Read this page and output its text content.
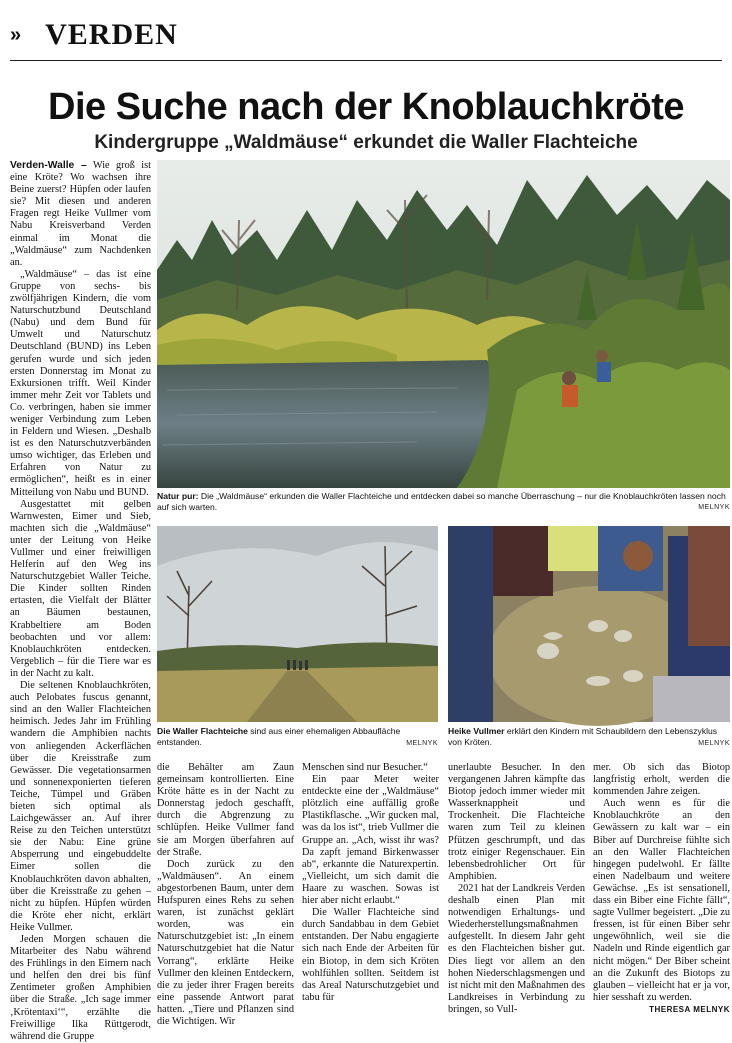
» VERDEN
Die Suche nach der Knoblauchkröte
Kindergruppe „Waldmäuse“ erkundet die Waller Flachteiche

Verden-Walle – Wie groß ist eine Kröte? Wo wachsen ihre Beine zuerst? Hüpfen oder laufen sie? Mit diesen und anderen Fragen regt Heike Vullmer vom Nabu Kreisverband Verden einmal im Monat die „Waldmäuse“ zum Nachdenken an.

„Waldmäuse“ – das ist eine Gruppe von sechs- bis zwölfjährigen Kindern, die vom Naturschutzbund Deutschland (Nabu) und dem Bund für Umwelt und Naturschutz Deutschland (BUND) ins Leben gerufen wurde und sich jeden ersten Donnerstag im Monat zu Exkursionen trifft. Weil Kinder immer mehr Zeit vor Tablets und Co. verbringen, haben sie immer weniger Verbindung zum Leben in Feldern und Wiesen. „Deshalb ist es den Naturschutzverbänden umso wichtiger, das Erleben und Erfahren von Natur zu ermöglichen“, heißt es in einer Mitteilung von Nabu und BUND.

Ausgestattet mit gelben Warnwesten, Eimer und Sieb, machten sich die „Waldmäuse“ unter der Leitung von Heike Vullmer und einer freiwilligen Helferin auf den Weg ins Naturschutzgebiet Waller Teiche. Die Kinder sollten Rinden ertasten, die Vielfalt der Blätter an Bäumen bestaunen, Krabbeltiere am Boden beobachten und vor allem: Knoblauchkröten entdecken. Vergeblich – für die Tiere war es in der Nacht zu kalt.

Die seltenen Knoblauchkröten, auch Pelobates fuscus genannt, sind an den Waller Flachteichen heimisch. Jedes Jahr im Frühling wandern die Amphibien nachts von anliegenden Ackerflächen über die Kreisstraße zum Gewässer. Die vegetationsarmen und sonnenexponierten tieferen Teiche, Tümpel und Gräben bieten sich optimal als Laichgewässer an. Auf ihrer Reise zu den Teichen unterstützt sie der Nabu: Eine grüne Absperrung und eingebuddelte Eimer sollen die Knoblauchkröten davon abhalten, über die Kreisstraße zu gehen – nicht zu hüpfen. Hüpfen würden die Kröte eher nicht, erklärt Heike Vullmer.

Jeden Morgen schauen die Mitarbeiter des Nabu während des Frühlings in den Eimern nach und helfen den drei bis fünf Zentimeter großen Amphibien über die Straße. „Ich sage immer ‚Krötentaxi‘“, erzählte die Freiwillige Ilka Rüttgerodt, während die Gruppe

Natur pur: Die „Waldmäuse“ erkunden die Waller Flachteiche und entdecken dabei so manche Überraschung – nur die Knoblauchkröten lassen noch auf sich warten.	MELNYK
Die Waller Flachteiche sind aus einer ehemaligen Abbaufläche entstanden.	MELNYK
Heike Vullmer erklärt den Kindern mit Schaubildern den Lebenszyklus von Kröten.	MELNYK

die Behälter am Zaun gemeinsam kontrollierten. Eine Kröte hätte es in der Nacht zu Donnerstag jedoch geschafft, durch die Abgrenzung zu schlüpfen. Heike Vullmer fand sie am Morgen überfahren auf der Straße.

Doch zurück zu den „Waldmäusen“. An einem abgestorbenen Baum, unter dem Hufspuren eines Rehs zu sehen waren, ist zunächst geklärt worden, was ein Naturschutzgebiet ist: „In einem Naturschutzgebiet hat die Natur Vorrang“, erklärte Heike Vullmer den kleinen Entdeckern, die zu jeder ihrer Fragen bereits eine passende Antwort parat hatten. „Tiere und Pflanzen sind die Wichtigen. Wir

Menschen sind nur Besucher.“

Ein paar Meter weiter entdeckte eine der „Waldmäuse“ plötzlich eine auffällig große Plastikflasche. „Wir gucken mal, was da los ist“, trieb Vullmer die Gruppe an. „Ach, wisst ihr was? Da zapft jemand Birkenwasser ab“, erkannte die Naturexpertin. „Vielleicht, um sich damit die Haare zu waschen. Sowas ist hier aber nicht erlaubt.“

Die Waller Flachteiche sind durch Sandabbau in dem Gebiet entstanden. Der Nabu engagierte sich nach Ende der Arbeiten für ein Biotop, in dem sich Kröten wohlfühlen sollten. Seitdem ist das Areal Naturschutzgebiet und tabu für

unerlaubte Besucher. In den vergangenen Jahren kämpfte das Biotop jedoch immer wieder mit Wasserknappheit und Trockenheit. Die Flachteiche waren zum Teil zu kleinen Pfützen geschrumpft, und das trotz einiger Regenschauer. Ein lebensbedrohlicher Ort für Amphibien.

2021 hat der Landkreis Verden deshalb einen Plan mit notwendigen Erhaltungs- und Wiederherstellungsmaßnahmen aufgestellt. In diesem Jahr geht es den Flachteichen bisher gut. Dies liegt vor allem an den hohen Niederschlagsmengen und ist nicht mit den Maßnahmen des Landkreises in Verbindung zu bringen, so Vull-

mer. Ob sich das Biotop langfristig erholt, werden die kommenden Jahre zeigen.

Auch wenn es für die Knoblauchkröte an den Gewässern zu kalt war – ein Biber auf Durchreise fühlte sich an den Waller Flachteichen hingegen pudelwohl. Er fällte einen Nadelbaum und weitere Gewächse. „Es ist sensationell, dass ein Biber eine Fichte fällt“, sagte Vullmer begeistert. „Die zu fressen, ist für einen Biber sehr ungewöhnlich, weil sie die Nadeln und Rinde eigentlich gar nicht mögen.“ Der Biber scheint an die Zukunft des Biotops zu glauben – vielleicht hat er ja vor, hier sesshaft zu werden.
THERESA MELNYK
